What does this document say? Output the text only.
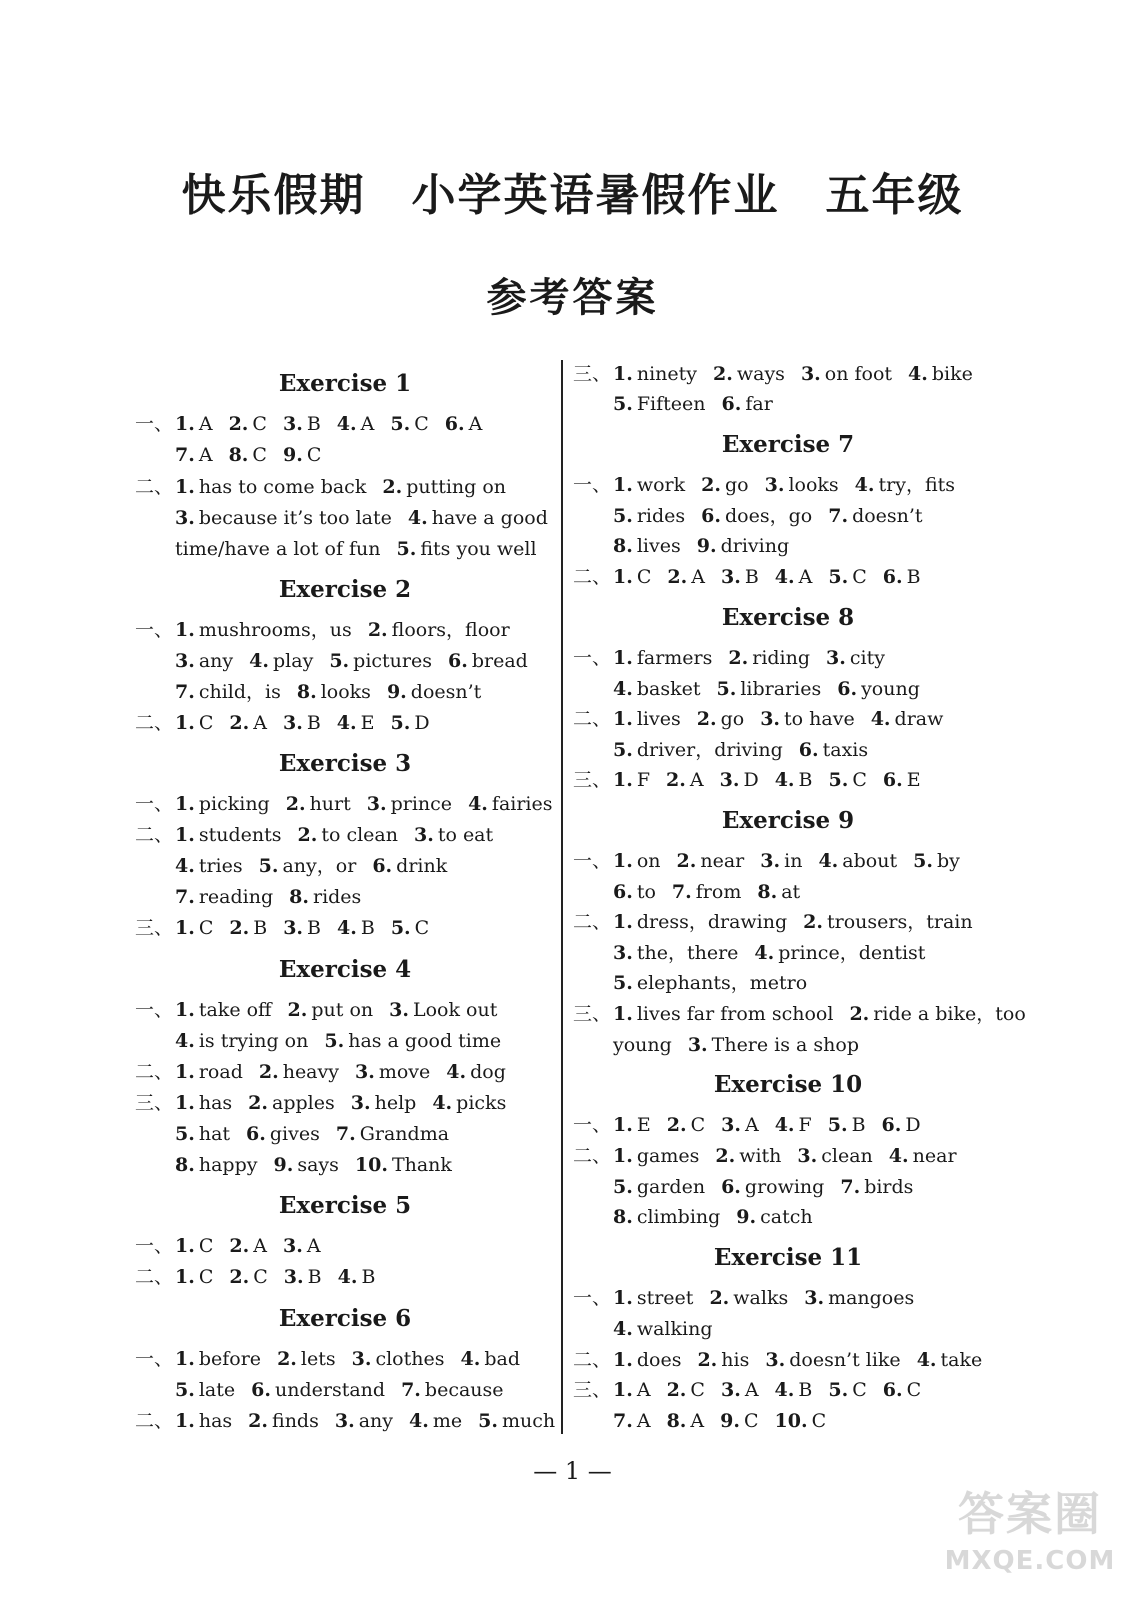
快乐假期 小学英语暑假作业 五年级
参考答案
Exercise 1
一、 1. A 2. C 3. B 4. A 5. C 6. A
7. A 8. C 9. C
二、 1. has to come back 2. putting on
3. because it’s too late 4. have a good
time/have a lot of fun 5. fits you well
Exercise 2
一、 1. mushrooms，us 2. floors，floor
3. any 4. play 5. pictures 6. bread
7. child，is 8. looks 9. doesn’t
二、 1. C 2. A 3. B 4. E 5. D
Exercise 3
一、 1. picking 2. hurt 3. prince 4. fairies
二、 1. students 2. to clean 3. to eat
4. tries 5. any，or 6. drink
7. reading 8. rides
三、 1. C 2. B 3. B 4. B 5. C
Exercise 4
一、 1. take off 2. put on 3. Look out
4. is trying on 5. has a good time
二、 1. road 2. heavy 3. move 4. dog
三、 1. has 2. apples 3. help 4. picks
5. hat 6. gives 7. Grandma
8. happy 9. says 10. Thank
Exercise 5
一、 1. C 2. A 3. A
二、 1. C 2. C 3. B 4. B
Exercise 6
一、 1. before 2. lets 3. clothes 4. bad
5. late 6. understand 7. because
二、 1. has 2. finds 3. any 4. me 5. much
三、 1. ninety 2. ways 3. on foot 4. bike
5. Fifteen 6. far
Exercise 7
一、 1. work 2. go 3. looks 4. try，fits
5. rides 6. does，go 7. doesn’t
8. lives 9. driving
二、 1. C 2. A 3. B 4. A 5. C 6. B
Exercise 8
一、 1. farmers 2. riding 3. city
4. basket 5. libraries 6. young
二、 1. lives 2. go 3. to have 4. draw
5. driver，driving 6. taxis
三、 1. F 2. A 3. D 4. B 5. C 6. E
Exercise 9
一、 1. on 2. near 3. in 4. about 5. by
6. to 7. from 8. at
二、 1. dress，drawing 2. trousers，train
3. the，there 4. prince，dentist
5. elephants，metro
三、 1. lives far from school 2. ride a bike，too
young 3. There is a shop
Exercise 10
一、 1. E 2. C 3. A 4. F 5. B 6. D
二、 1. games 2. with 3. clean 4. near
5. garden 6. growing 7. birds
8. climbing 9. catch
Exercise 11
一、 1. street 2. walks 3. mangoes
4. walking
二、 1. does 2. his 3. doesn’t like 4. take
三、 1. A 2. C 3. A 4. B 5. C 6. C
7. A 8. A 9. C 10. C
— 1 —
答案圈
MXQE.COM
